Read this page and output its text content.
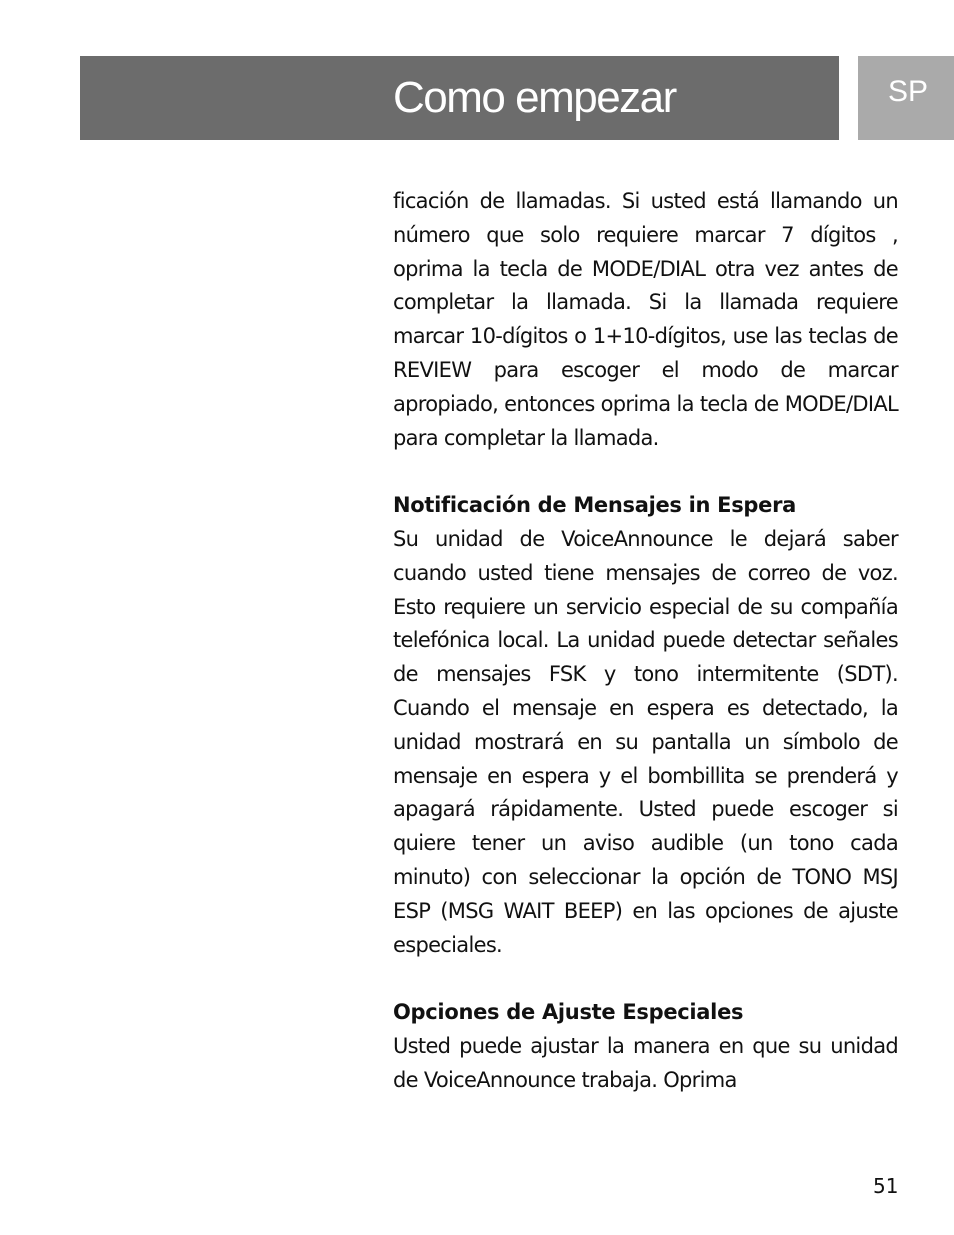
Como empezar	SP

ficación de llamadas. Si usted está llamando un número que solo requiere marcar 7 dígitos , oprima la tecla de MODE/DIAL otra vez antes de completar la llamada. Si la llamada requiere marcar 10-dígitos o 1+10-dígitos, use las teclas de REVIEW para escoger el modo de marcar apropiado, entonces oprima la tecla de MODE/DIAL para completar la llamada.

Notificación de Mensajes in Espera

Su unidad de VoiceAnnounce le dejará saber cuando usted tiene mensajes de correo de voz. Esto requiere un servicio especial de su compañía telefónica local. La unidad puede detectar señales de mensajes FSK y tono intermitente (SDT). Cuando el mensaje en espera es detectado, la unidad mostrará en su pantalla un símbolo de mensaje en espera y el bombillita se prenderá y apagará rápidamente. Usted puede escoger si quiere tener un aviso audible (un tono cada minuto) con seleccionar la opción de TONO MSJ ESP (MSG WAIT BEEP) en las opciones de ajuste especiales.

Opciones de Ajuste Especiales

Usted puede ajustar la manera en que su unidad de VoiceAnnounce trabaja. Oprima

51
